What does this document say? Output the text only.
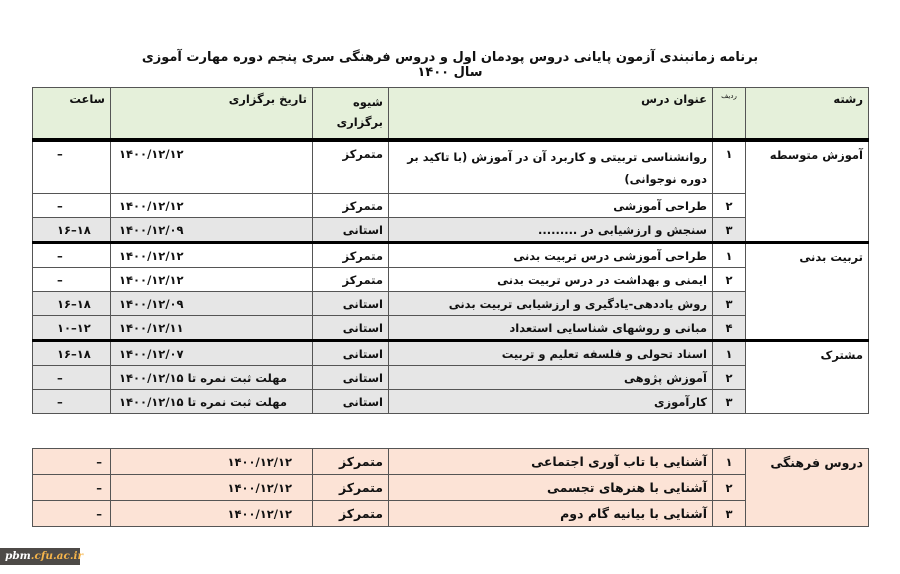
برنامه زمانبندی آزمون پایانی دروس پودمان اول و دروس فرهنگی سری پنجم دوره مهارت آموزی سال ۱۴۰۰
رشته	ردیف	عنوان درس	شیوه برگزاری	تاریخ برگزاری	ساعت
آموزش متوسطه	۱	روانشناسی تربیتی و کاربرد آن در آموزش (با تاکید بر دوره نوجوانی)	متمرکز	۱۴۰۰/۱۲/۱۲	–
	۲	طراحی آموزشی	متمرکز	۱۴۰۰/۱۲/۱۲	–
	۳	سنجش و ارزشیابی در .........	استانی	۱۴۰۰/۱۲/۰۹	۱۶–۱۸
تربیت بدنی	۱	طراحی آموزشی درس تربیت بدنی	متمرکز	۱۴۰۰/۱۲/۱۲	–
	۲	ایمنی و بهداشت در درس تربیت بدنی	متمرکز	۱۴۰۰/۱۲/۱۲	–
	۳	روش یاددهی-یادگیری و ارزشیابی تربیت بدنی	استانی	۱۴۰۰/۱۲/۰۹	۱۶–۱۸
	۴	مبانی و روشهای شناسایی استعداد	استانی	۱۴۰۰/۱۲/۱۱	۱۰–۱۲
مشترک	۱	اسناد تحولی و فلسفه تعلیم و تربیت	استانی	۱۴۰۰/۱۲/۰۷	۱۶–۱۸
	۲	آموزش پژوهی	استانی	مهلت ثبت نمره تا ۱۴۰۰/۱۲/۱۵	–
	۳	کارآموزی	استانی	مهلت ثبت نمره تا ۱۴۰۰/۱۲/۱۵	–
دروس فرهنگی	۱	آشنایی با تاب آوری اجتماعی	متمرکز	۱۴۰۰/۱۲/۱۲	–
	۲	آشنایی با هنرهای تجسمی	متمرکز	۱۴۰۰/۱۲/۱۲	–
	۳	آشنایی با بیانیه گام دوم	متمرکز	۱۴۰۰/۱۲/۱۲	–
pbm.cfu.ac.ir
